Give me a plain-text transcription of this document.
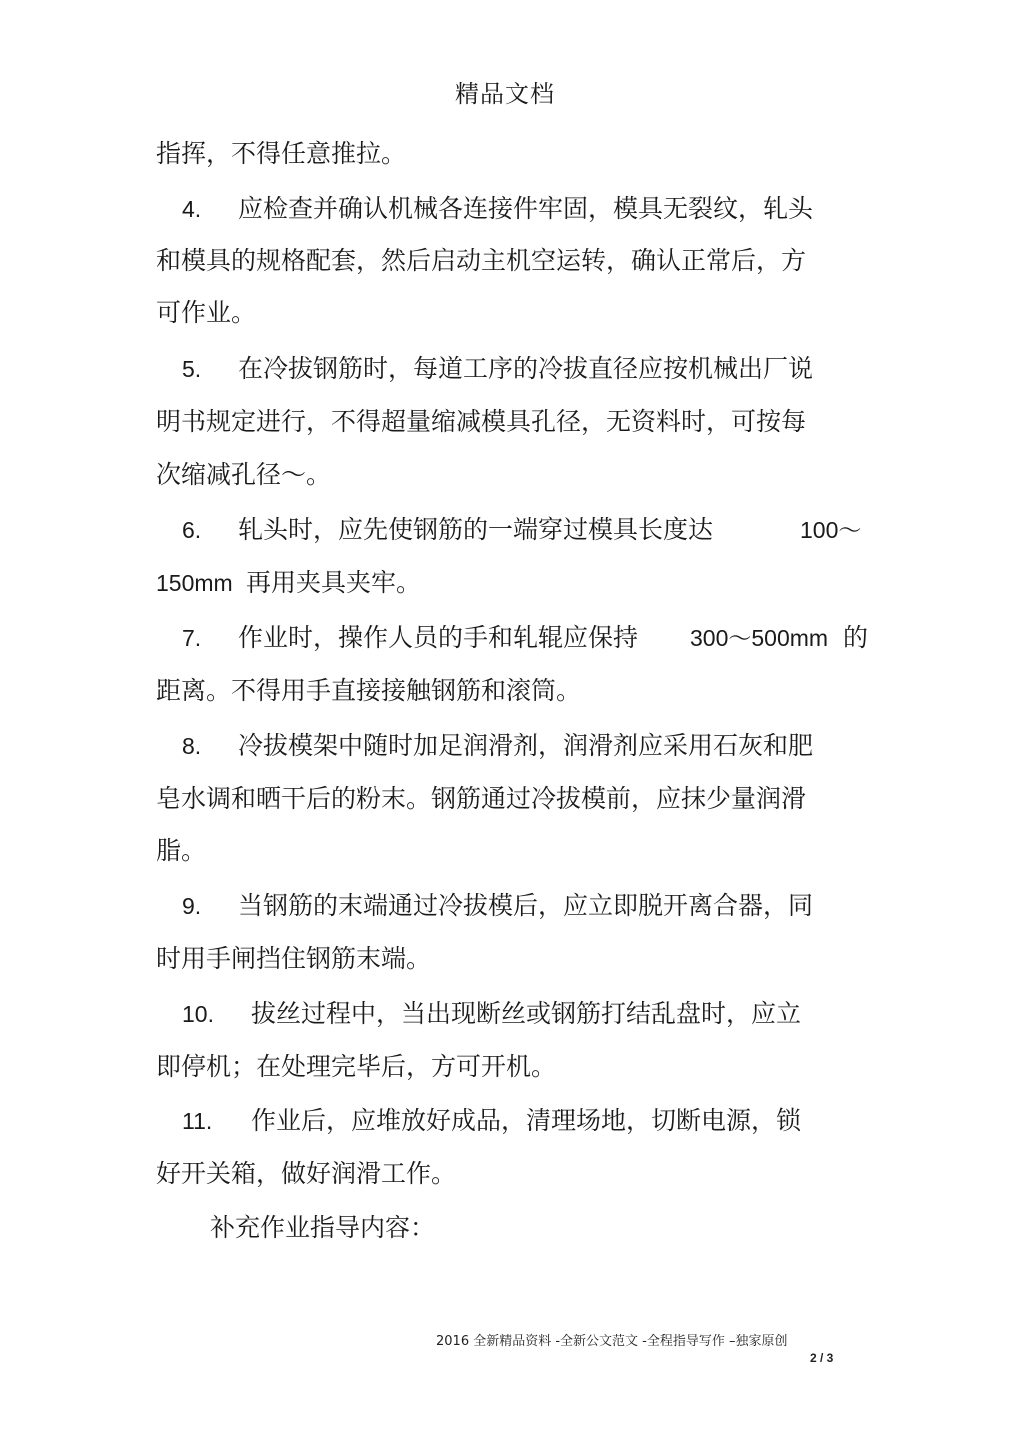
精品文档
指挥，不得任意推拉。
4. 应检查并确认机械各连接件牢固，模具无裂纹，轧头
和模具的规格配套，然后启动主机空运转，确认正常后，方
可作业。
5. 在冷拔钢筋时，每道工序的冷拔直径应按机械出厂说
明书规定进行，不得超量缩减模具孔径，无资料时，可按每
次缩减孔径～。
6. 轧头时，应先使钢筋的一端穿过模具长度达	100～
150mm 再用夹具夹牢。
7. 作业时，操作人员的手和轧辊应保持 300～500mm 的
距离。不得用手直接接触钢筋和滚筒。
8. 冷拔模架中随时加足润滑剂，润滑剂应采用石灰和肥
皂水调和晒干后的粉末。钢筋通过冷拔模前，应抹少量润滑
脂。
9. 当钢筋的末端通过冷拔模后，应立即脱开离合器，同
时用手闸挡住钢筋末端。
10. 拔丝过程中，当出现断丝或钢筋打结乱盘时，应立
即停机；在处理完毕后，方可开机。
11. 作业后，应堆放好成品，清理场地，切断电源，锁
好开关箱，做好润滑工作。
补充作业指导内容：
2016 全新精品资料 -全新公文范文 -全程指导写作 –独家原创
2 / 3
